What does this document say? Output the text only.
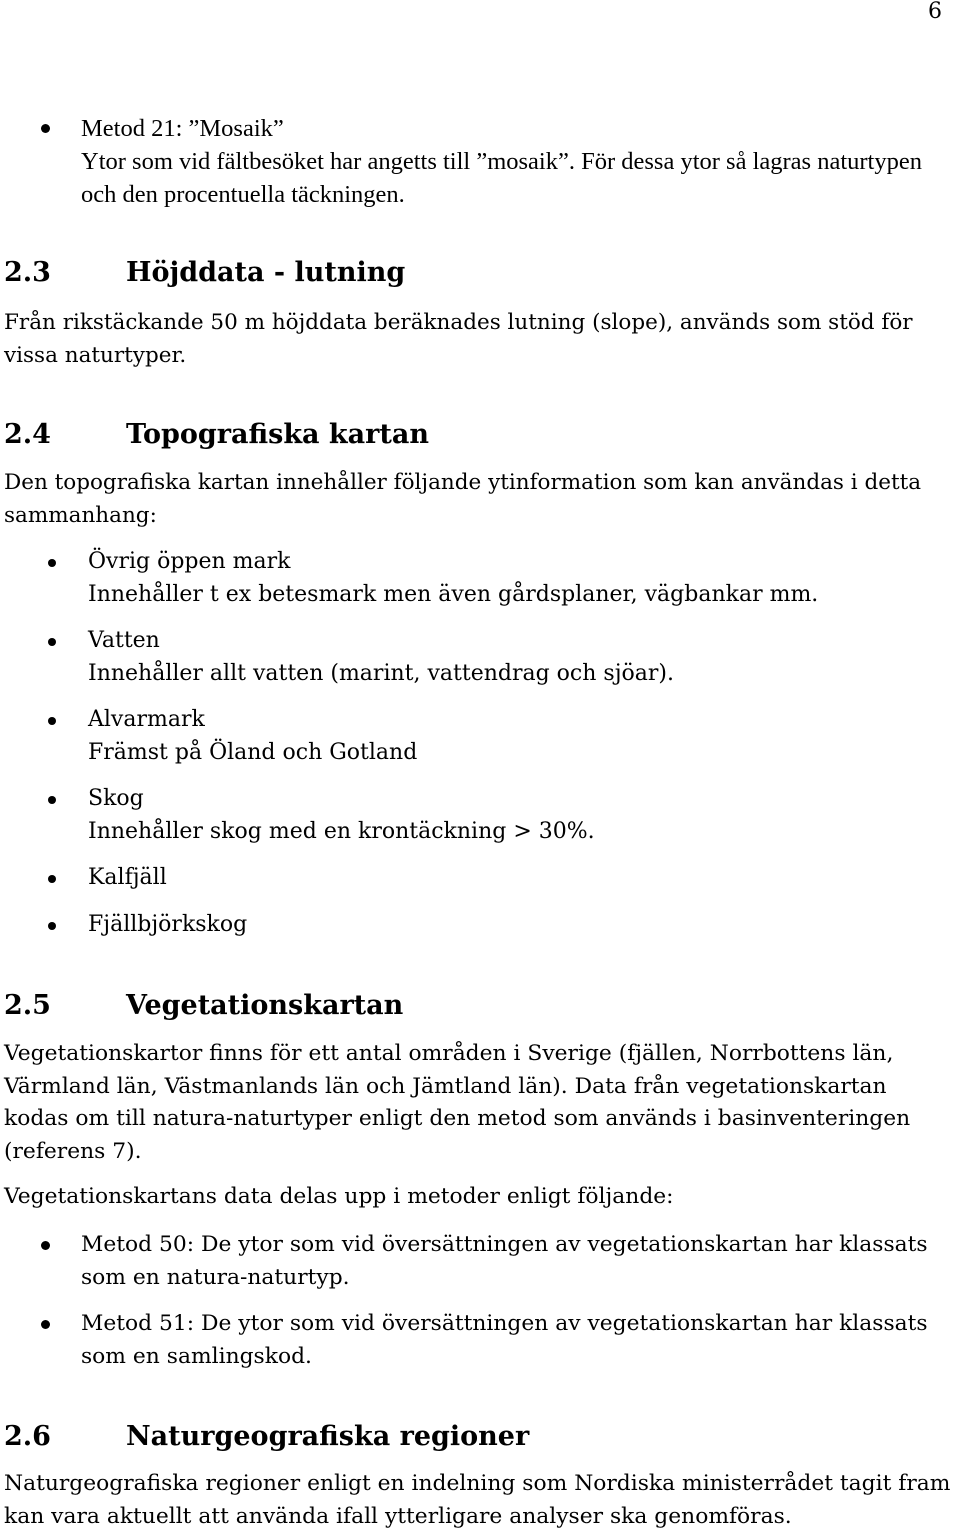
6
Metod 21: ”Mosaik”
Ytor som vid fältbesöket har angetts till ”mosaik”. För dessa ytor så lagras naturtypen och den procentuella täckningen.
2.3	Höjddata - lutning

Från rikstäckande 50 m höjddata beräknades lutning (slope), används som stöd för vissa naturtyper.

2.4	Topografiska kartan

Den topografiska kartan innehåller följande ytinformation som kan användas i detta sammanhang:

Övrig öppen mark
Innehåller t ex betesmark men även gårdsplaner, vägbankar mm.
Vatten
Innehåller allt vatten (marint, vattendrag och sjöar).
Alvarmark
Främst på Öland och Gotland
Skog
Innehåller skog med en krontäckning > 30%.
Kalfjäll
Fjällbjörkskog
2.5	Vegetationskartan

Vegetationskartor finns för ett antal områden i Sverige (fjällen, Norrbottens län, Värmland län, Västmanlands län och Jämtland län). Data från vegetationskartan kodas om till natura-naturtyper enligt den metod som används i basinventeringen (referens 7).

Vegetationskartans data delas upp i metoder enligt följande:

Metod 50: De ytor som vid översättningen av vegetationskartan har klassats som en natura-naturtyp.
Metod 51: De ytor som vid översättningen av vegetationskartan har klassats som en samlingskod.
2.6	Naturgeografiska regioner

Naturgeografiska regioner enligt en indelning som Nordiska ministerrådet tagit fram kan vara aktuellt att använda ifall ytterligare analyser ska genomföras.
